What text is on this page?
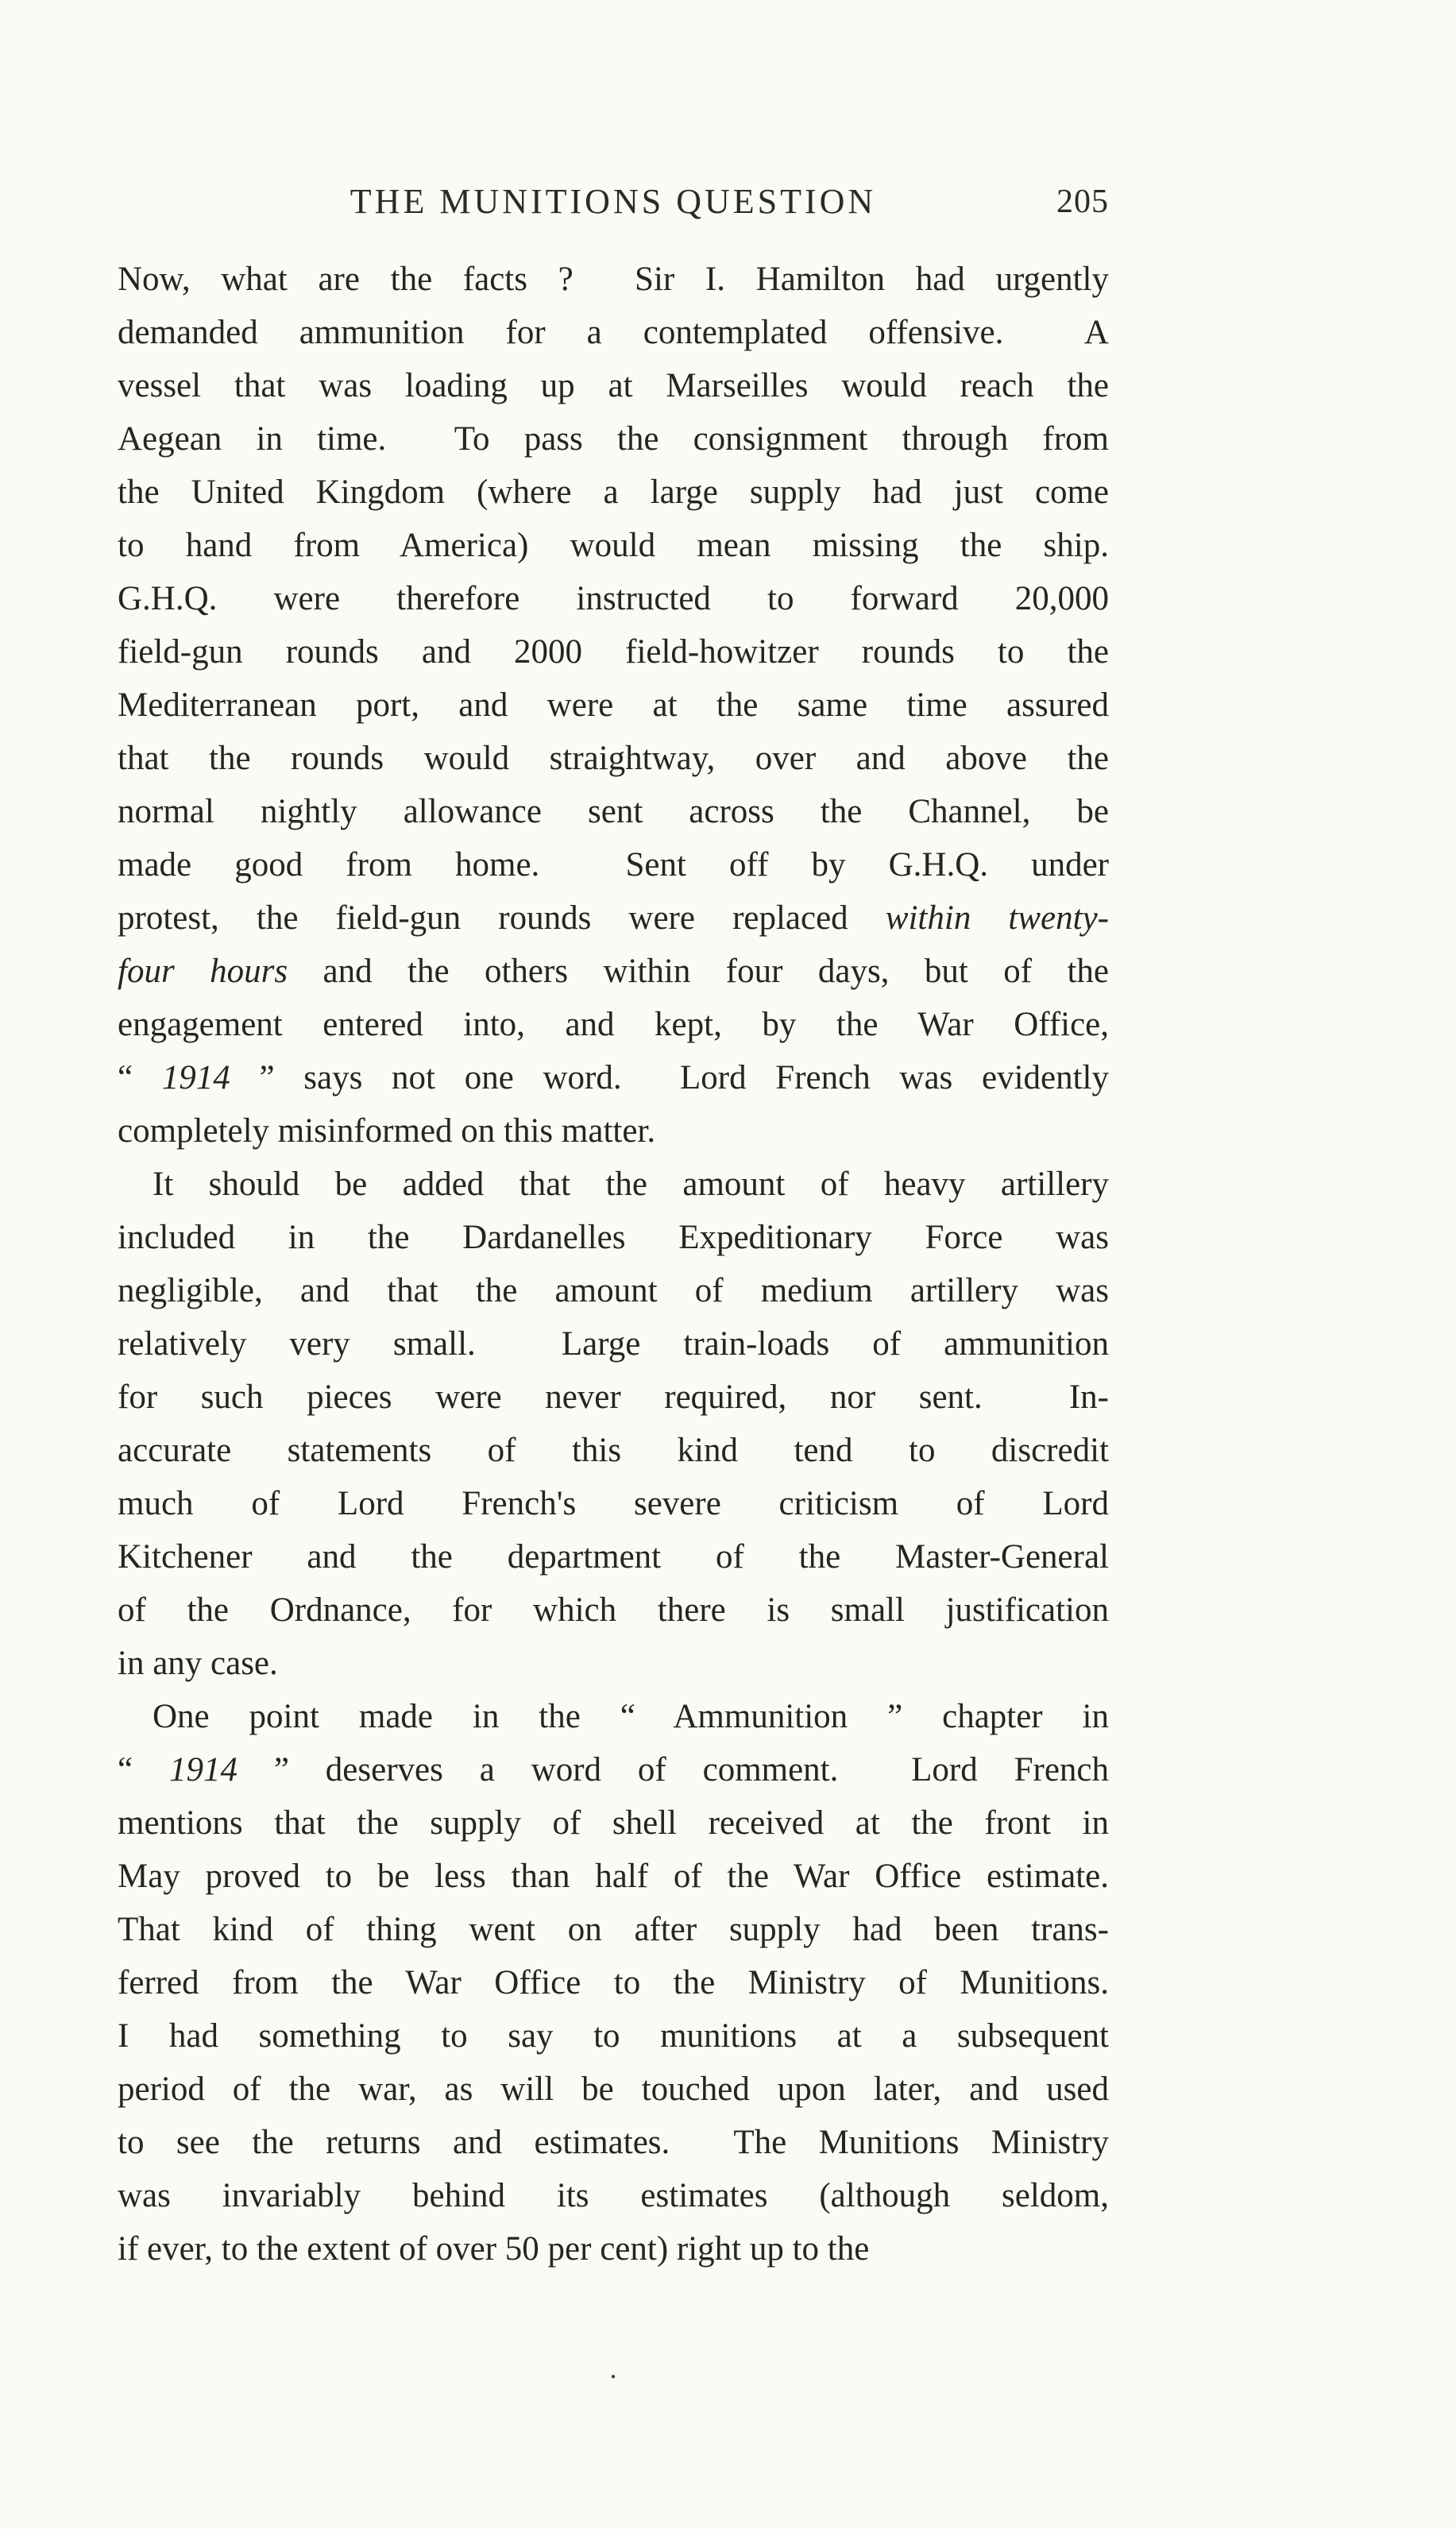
THE MUNITIONS QUESTION	205
Now, what are the facts ?  Sir I. Hamilton had urgently
demanded ammunition for a contemplated offensive.  A
vessel that was loading up at Marseilles would reach the
Aegean in time.  To pass the consignment through from
the United Kingdom (where a large supply had just come
to hand from America) would mean missing the ship.
G.H.Q. were therefore instructed to forward 20,000
field-gun rounds and 2000 field-howitzer rounds to the
Mediterranean port, and were at the same time assured
that the rounds would straightway, over and above the
normal nightly allowance sent across the Channel, be
made good from home.  Sent off by G.H.Q. under
protest, the field-gun rounds were replaced within twenty-
four hours and the others within four days, but of the
engagement entered into, and kept, by the War Office,
“ 1914 ” says not one word.  Lord French was evidently
completely misinformed on this matter.
It should be added that the amount of heavy artillery
included in the Dardanelles Expeditionary Force was
negligible, and that the amount of medium artillery was
relatively very small.  Large train-loads of ammunition
for such pieces were never required, nor sent.  In-
accurate statements of this kind tend to discredit
much of Lord French's severe criticism of Lord
Kitchener and the department of the Master-General
of the Ordnance, for which there is small justification
in any case.
One point made in the “ Ammunition ” chapter in
“ 1914 ” deserves a word of comment.  Lord French
mentions that the supply of shell received at the front in
May proved to be less than half of the War Office estimate.
That kind of thing went on after supply had been trans-
ferred from the War Office to the Ministry of Munitions.
I had something to say to munitions at a subsequent
period of the war, as will be touched upon later, and used
to see the returns and estimates.  The Munitions Ministry
was invariably behind its estimates (although seldom,
if ever, to the extent of over 50 per cent) right up to the
.
